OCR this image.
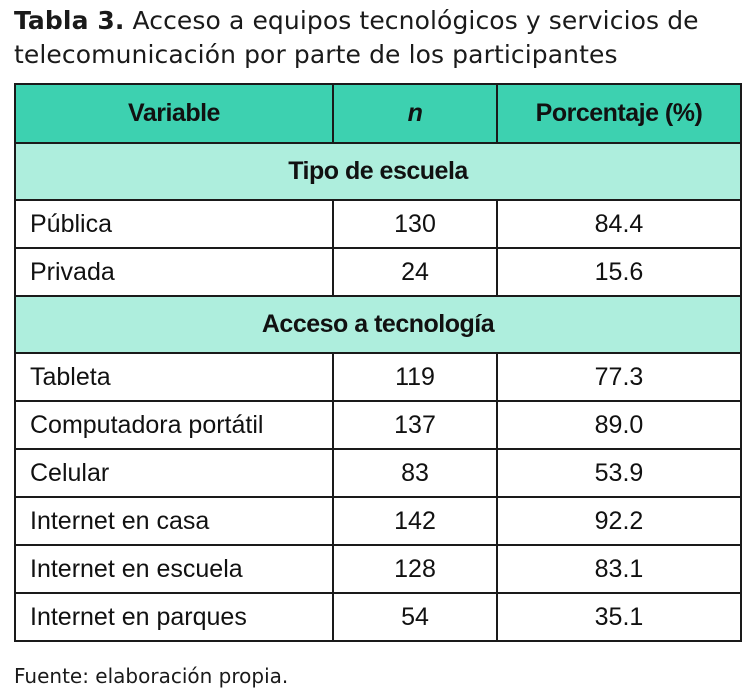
Tabla 3. Acceso a equipos tecnológicos y servicios de telecomunicación por parte de los participantes
Variable	n	Porcentaje (%)
Tipo de escuela		
Pública	130	84.4
Privada	24	15.6
Acceso a tecnología		
Tableta	119	77.3
Computadora portátil	137	89.0
Celular	83	53.9
Internet en casa	142	92.2
Internet en escuela	128	83.1
Internet en parques	54	35.1
Fuente: elaboración propia.
